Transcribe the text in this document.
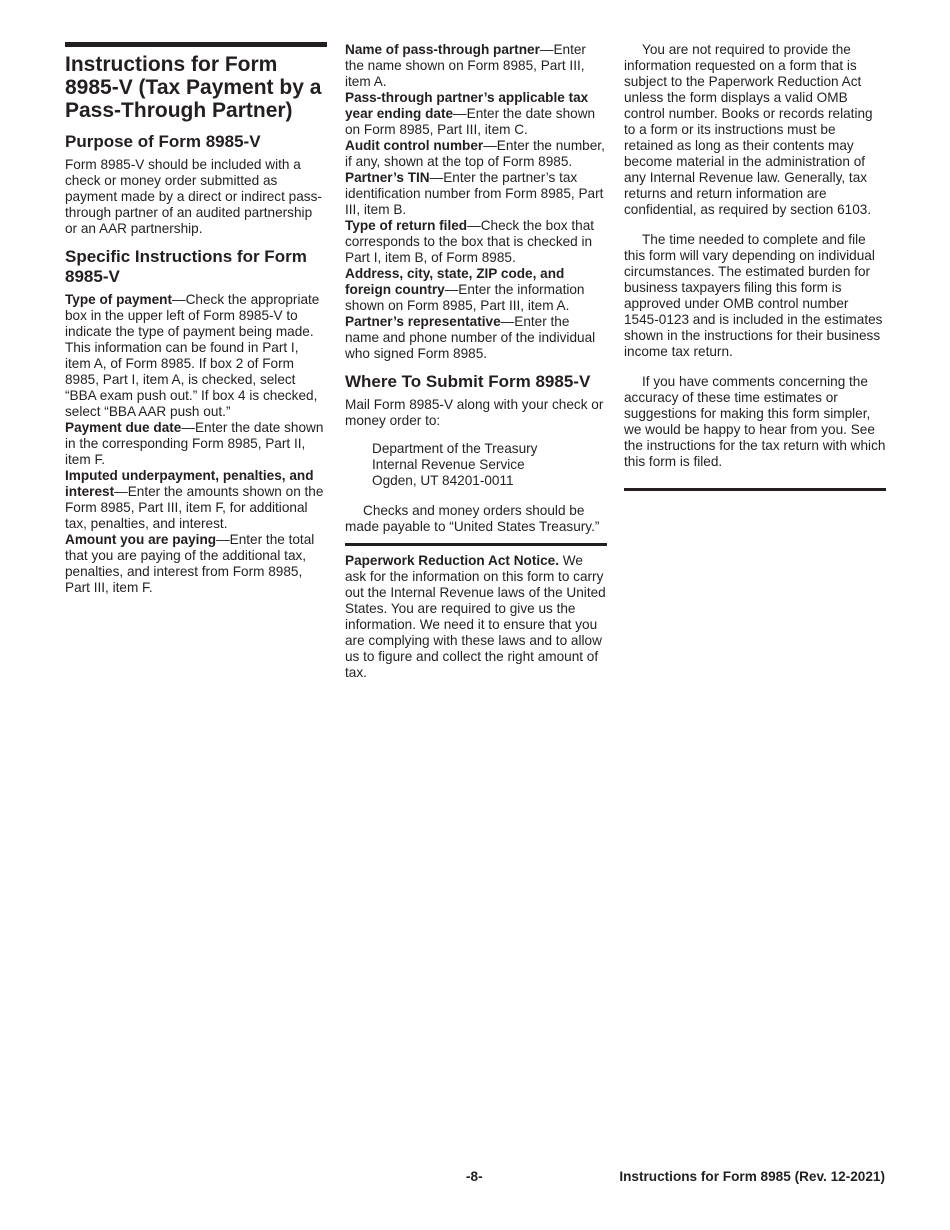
Instructions for Form 8985-V (Tax Payment by a Pass-Through Partner)
Purpose of Form 8985-V

Form 8985-V should be included with a check or money order submitted as payment made by a direct or indirect pass-through partner of an audited partnership or an AAR partnership.

Specific Instructions for Form 8985-V

Type of payment—Check the appropriate box in the upper left of Form 8985-V to indicate the type of payment being made. This information can be found in Part I, item A, of Form 8985. If box 2 of Form 8985, Part I, item A, is checked, select “BBA exam push out.” If box 4 is checked, select “BBA AAR push out.”

Payment due date—Enter the date shown in the corresponding Form 8985, Part II, item F.

Imputed underpayment, penalties, and interest—Enter the amounts shown on the Form 8985, Part III, item F, for additional tax, penalties, and interest.

Amount you are paying—Enter the total that you are paying of the additional tax, penalties, and interest from Form 8985, Part III, item F.

Name of pass-through partner—Enter the name shown on Form 8985, Part III, item A.

Pass-through partner’s applicable tax year ending date—Enter the date shown on Form 8985, Part III, item C.

Audit control number—Enter the number, if any, shown at the top of Form 8985.

Partner’s TIN—Enter the partner’s tax identification number from Form 8985, Part III, item B.

Type of return filed—Check the box that corresponds to the box that is checked in Part I, item B, of Form 8985.

Address, city, state, ZIP code, and foreign country—Enter the information shown on Form 8985, Part III, item A.

Partner’s representative—Enter the name and phone number of the individual who signed Form 8985.

Where To Submit Form 8985-V

Mail Form 8985-V along with your check or money order to:

Department of the Treasury
Internal Revenue Service
Ogden, UT 84201-0011

Checks and money orders should be made payable to “United States Treasury.”

Paperwork Reduction Act Notice. We ask for the information on this form to carry out the Internal Revenue laws of the United States. You are required to give us the information. We need it to ensure that you are complying with these laws and to allow us to figure and collect the right amount of tax.

You are not required to provide the information requested on a form that is subject to the Paperwork Reduction Act unless the form displays a valid OMB control number. Books or records relating to a form or its instructions must be retained as long as their contents may become material in the administration of any Internal Revenue law. Generally, tax returns and return information are confidential, as required by section 6103.

The time needed to complete and file this form will vary depending on individual circumstances. The estimated burden for business taxpayers filing this form is approved under OMB control number 1545-0123 and is included in the estimates shown in the instructions for their business income tax return.

If you have comments concerning the accuracy of these time estimates or suggestions for making this form simpler, we would be happy to hear from you. See the instructions for the tax return with which this form is filed.

-8-	Instructions for Form 8985 (Rev. 12-2021)
